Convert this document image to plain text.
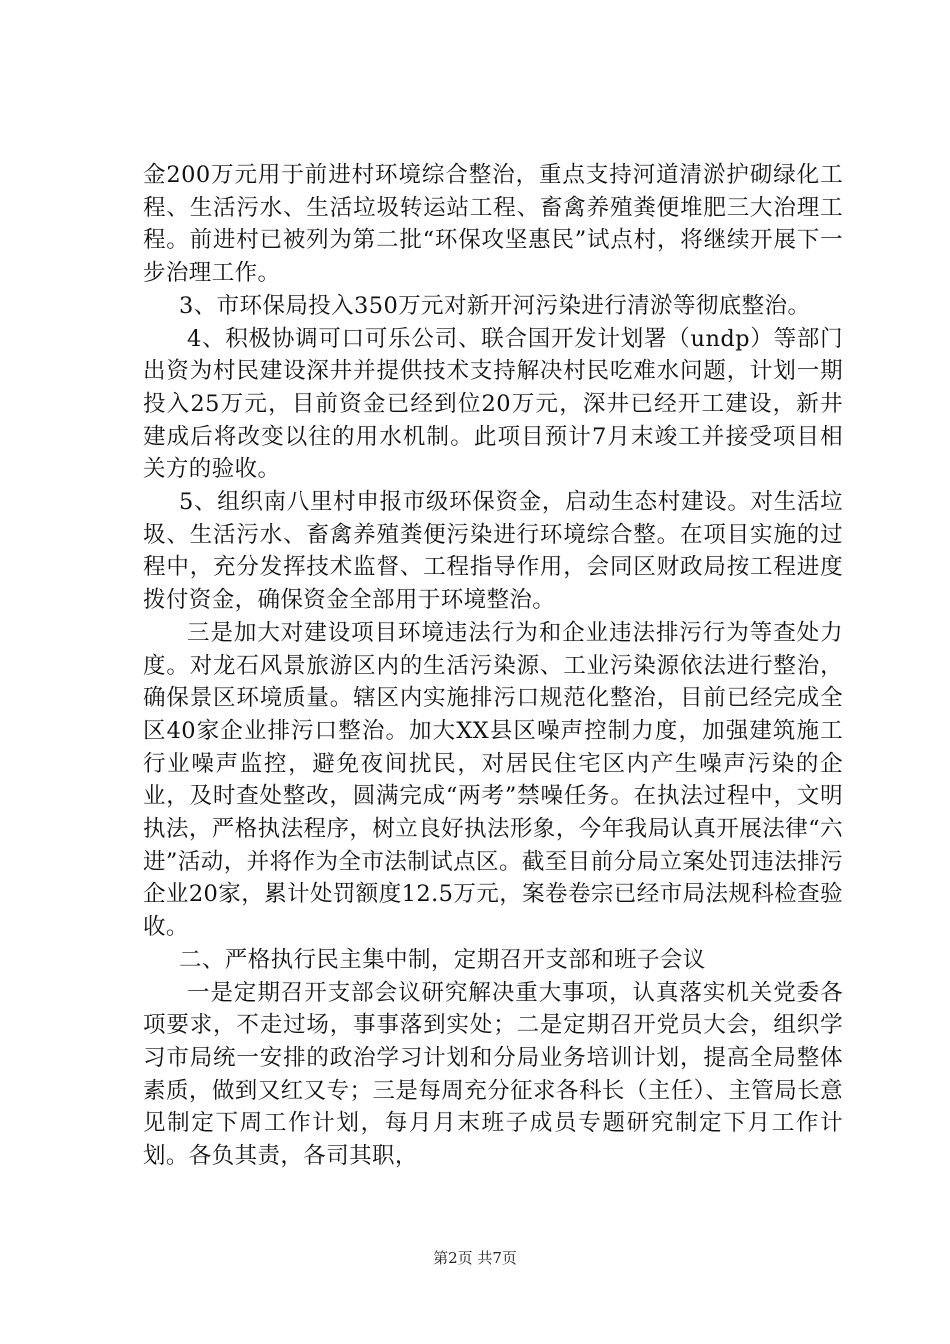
金200万元用于前进村环境综合整治，重点支持河道清淤护砌绿化工程、生活污水、生活垃圾转运站工程、畜禽养殖粪便堆肥三大治理工程。前进村已被列为第二批“环保攻坚惠民”试点村，将继续开展下一步治理工作。

3、市环保局投入350万元对新开河污染进行清淤等彻底整治。

4、积极协调可口可乐公司、联合国开发计划署（undp）等部门出资为村民建设深井并提供技术支持解决村民吃难水问题，计划一期投入25万元，目前资金已经到位20万元，深井已经开工建设，新井建成后将改变以往的用水机制。此项目预计7月末竣工并接受项目相关方的验收。

5、组织南八里村申报市级环保资金，启动生态村建设。对生活垃圾、生活污水、畜禽养殖粪便污染进行环境综合整。在项目实施的过程中，充分发挥技术监督、工程指导作用，会同区财政局按工程进度拨付资金，确保资金全部用于环境整治。

三是加大对建设项目环境违法行为和企业违法排污行为等查处力度。对龙石风景旅游区内的生活污染源、工业污染源依法进行整治，确保景区环境质量。辖区内实施排污口规范化整治，目前已经完成全区40家企业排污口整治。加大XX县区噪声控制力度，加强建筑施工行业噪声监控，避免夜间扰民，对居民住宅区内产生噪声污染的企业，及时查处整改，圆满完成“两考”禁噪任务。在执法过程中，文明执法，严格执法程序，树立良好执法形象，今年我局认真开展法律“六进”活动，并将作为全市法制试点区。截至目前分局立案处罚违法排污企业20家，累计处罚额度12.5万元，案卷卷宗已经市局法规科检查验收。

二、严格执行民主集中制，定期召开支部和班子会议

一是定期召开支部会议研究解决重大事项，认真落实机关党委各项要求，不走过场，事事落到实处；二是定期召开党员大会，组织学习市局统一安排的政治学习计划和分局业务培训计划，提高全局整体素质，做到又红又专；三是每周充分征求各科长（主任）、主管局长意见制定下周工作计划，每月月末班子成员专题研究制定下月工作计划。各负其责，各司其职，

第2页 共7页
